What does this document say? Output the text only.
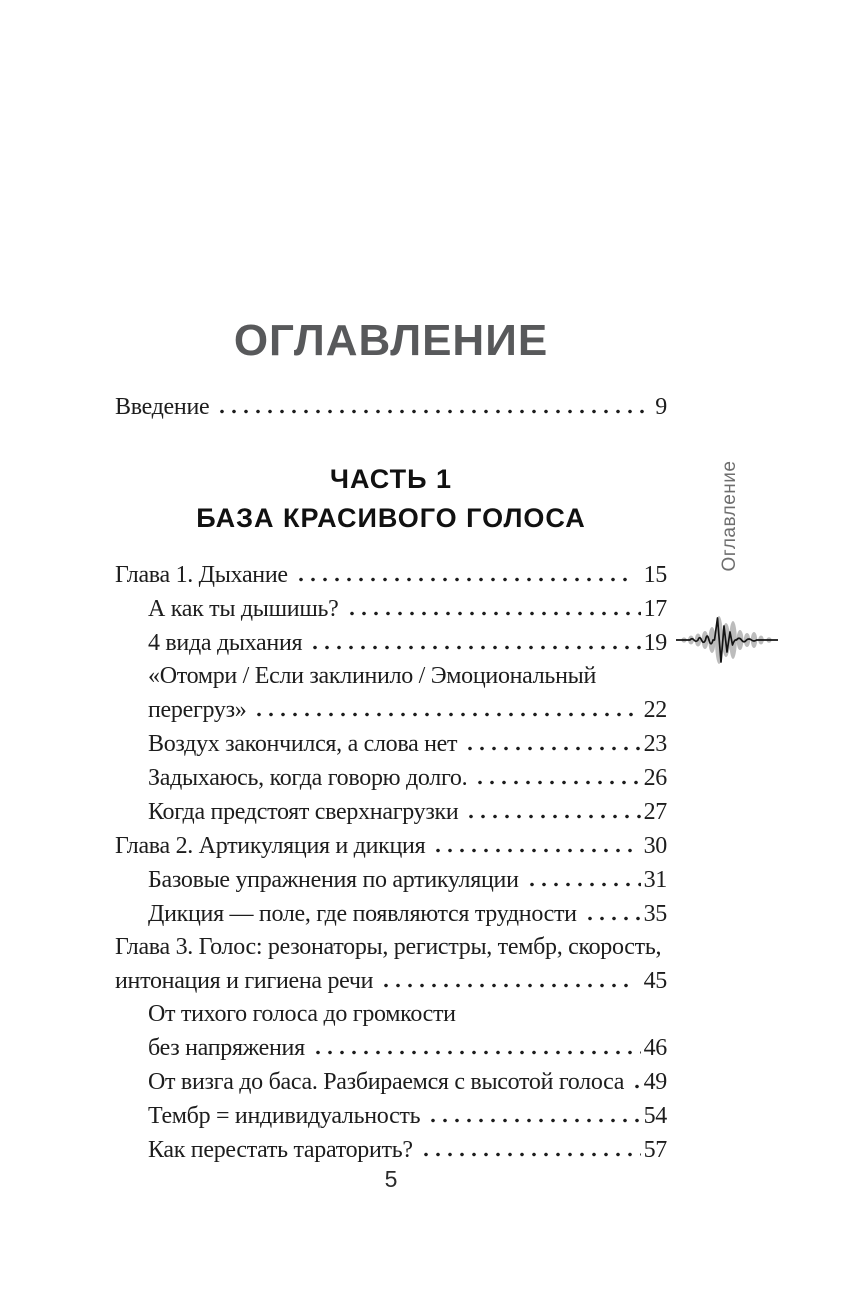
ОГЛАВЛЕНИЕ
Введение	9
ЧАСТЬ 1
БАЗА КРАСИВОГО ГОЛОСА
Глава 1. Дыхание	15
А как ты дышишь?	17
4 вида дыхания	19
«Отомри / Если заклинило / Эмоциональный
перегруз»	22
Воздух закончился, а слова нет	23
Задыхаюсь, когда говорю долго.	26
Когда предстоят сверхнагрузки	27
Глава 2. Артикуляция и дикция	30
Базовые упражнения по артикуляции	31
Дикция — поле, где появляются трудности	35
Глава 3. Голос: резонаторы, регистры, тембр, скорость,
интонация и гигиена речи	45
От тихого голоса до громкости
без напряжения	46
От визга до баса. Разбираемся с высотой голоса 49
Тембр = индивидуальность	54
Как перестать тараторить?	57
Оглавление
5
